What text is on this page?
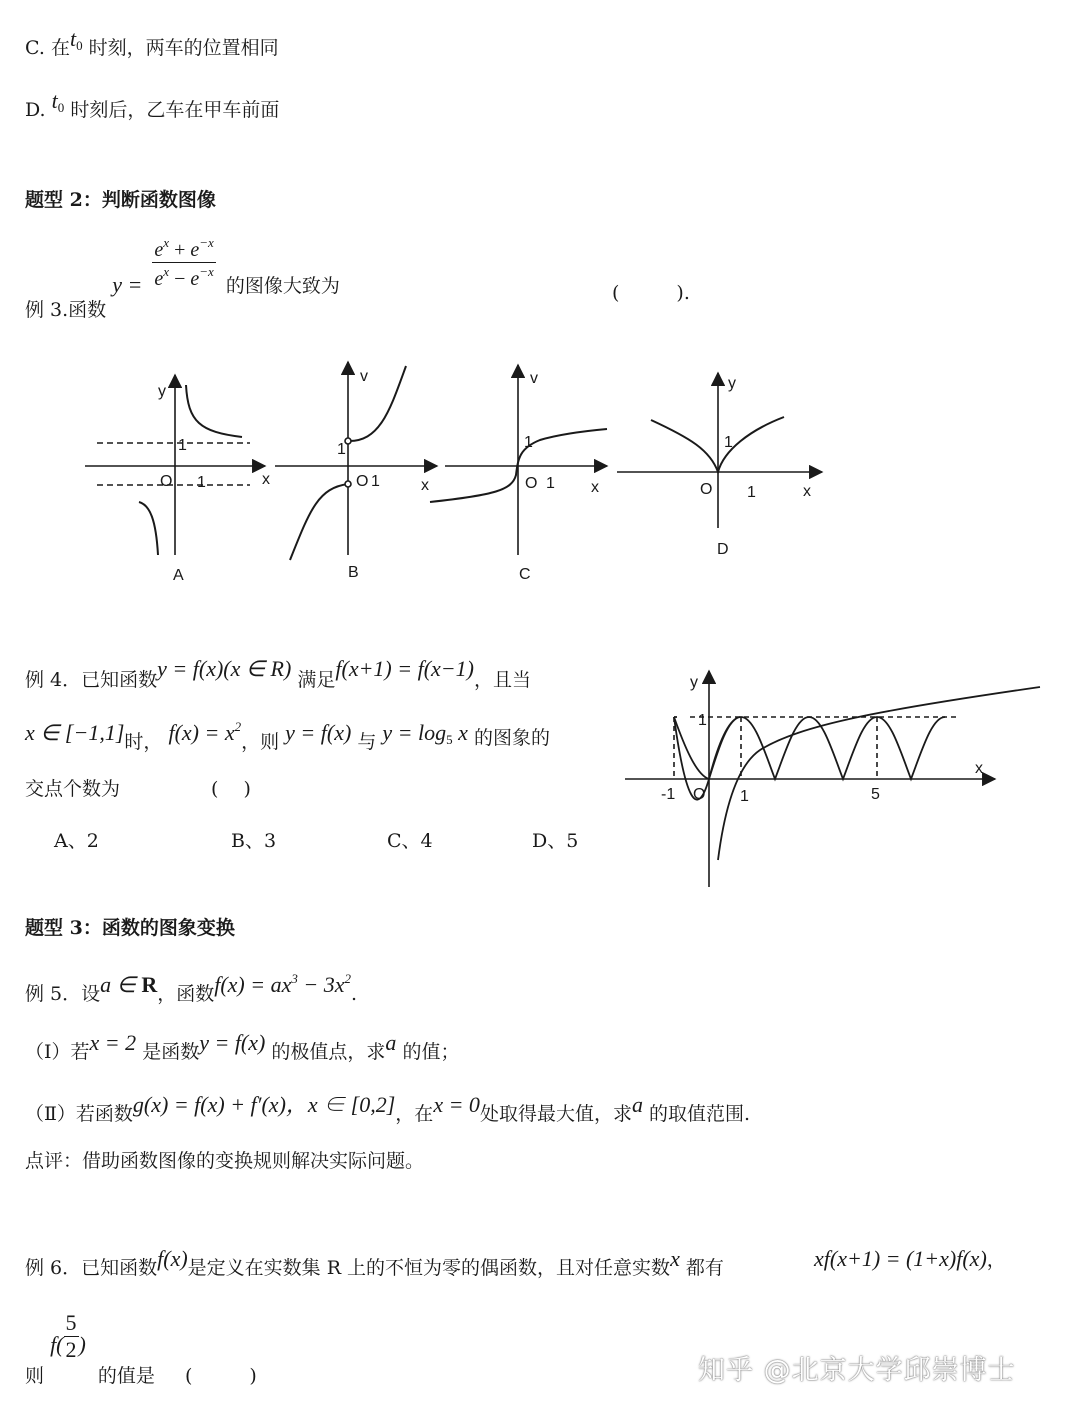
C. 在$t^0$ 时刻，两车的位置相同
D. $t^0$ 时刻后，乙车在甲车前面
题型 2：判断函数图像
例 3.函数 $y = \frac{e^x + e^{-x}}{e^x - e^{-x}}$ 的图像大致为	(　　　).
y
x
O
1
1
A
v
x
O
1
1
B
v
x
O
1
1
C
y
x
O
1
1
D
例 4．已知函数y = f(x)(x ∈ R) 满足f(x+1) = f(x−1)，且当
x ∈ [−1,1]时， $f(x) = x^2$，则 y = f(x) 与 $y = \log_5 x$ 的图象的
交点个数为	(　 )
A、2	B、3	C、4	D、5
y
x
O
1
-1	1	5
题型 3：函数的图象变换
例 5．设a ∈ R，函数$f(x) = ax^3 - 3x^2$.
（Ⅰ）若x = 2 是函数y = f(x) 的极值点，求a 的值；
（Ⅱ）若函数g(x) = f(x) + f′(x)，x ∈ [0,2]，在x = 0处取得最大值，求a 的取值范围.
点评：借助函数图像的变换规则解决实际问题。
例 6．已知函数f(x)是定义在实数集 R 上的不恒为零的偶函数，且对任意实数x 都有	xf(x+1) = (1+x)f(x)，
则 $f( \frac{5}{2}$ ) 的值是 (　　　)	知乎 @北京大学邱崇博士
